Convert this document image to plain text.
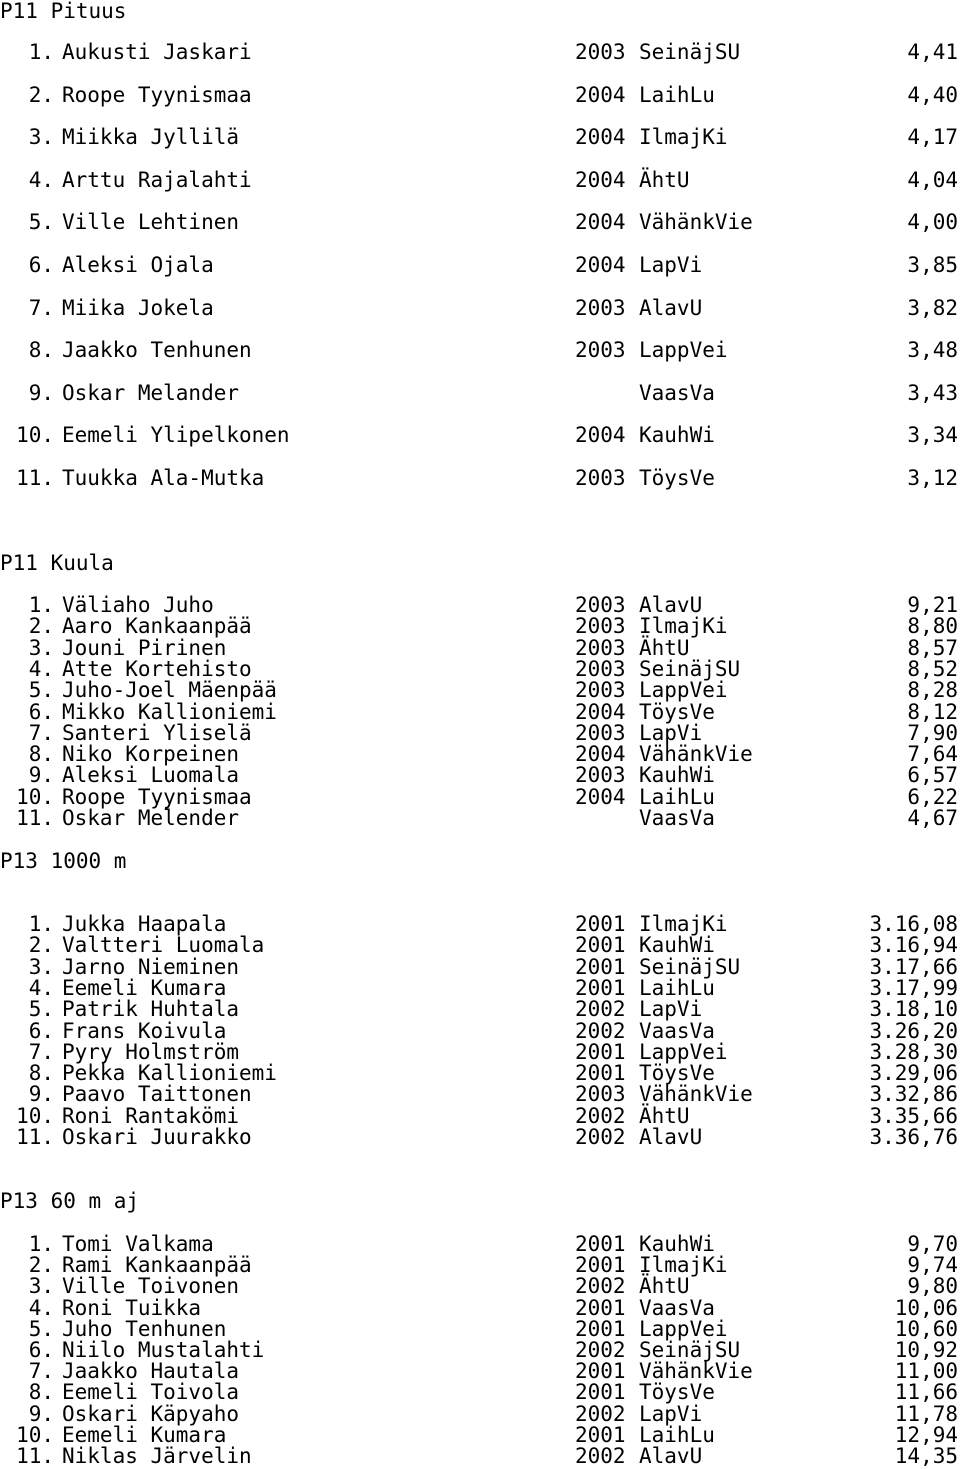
P11 Pituus
1. Aukusti Jaskari	2003 SeinäjSU	4,41
2. Roope Tyynismaa	2004 LaihLu	4,40
3. Miikka Jyllilä	2004 IlmajKi	4,17
4. Arttu Rajalahti	2004 ÄhtU	4,04
5. Ville Lehtinen	2004 VähänkVie	4,00
6. Aleksi Ojala	2004 LapVi	3,85
7. Miika Jokela	2003 AlavU	3,82
8. Jaakko Tenhunen	2003 LappVei	3,48
9. Oskar Melander	VaasVa	3,43
10. Eemeli Ylipelkonen	2004 KauhWi	3,34
11. Tuukka Ala-Mutka	2003 TöysVe	3,12
P11 Kuula
1. Väliaho Juho	2003 AlavU	9,21
2. Aaro Kankaanpää	2003 IlmajKi	8,80
3. Jouni Pirinen	2003 ÄhtU	8,57
4. Atte Kortehisto	2003 SeinäjSU	8,52
5. Juho-Joel Mäenpää	2003 LappVei	8,28
6. Mikko Kallioniemi	2004 TöysVe	8,12
7. Santeri Yliselä	2003 LapVi	7,90
8. Niko Korpeinen	2004 VähänkVie	7,64
9. Aleksi Luomala	2003 KauhWi	6,57
10. Roope Tyynismaa	2004 LaihLu	6,22
11. Oskar Melender	VaasVa	4,67
P13 1000 m
1. Jukka Haapala	2001 IlmajKi	3.16,08
2. Valtteri Luomala	2001 KauhWi	3.16,94
3. Jarno Nieminen	2001 SeinäjSU	3.17,66
4. Eemeli Kumara	2001 LaihLu	3.17,99
5. Patrik Huhtala	2002 LapVi	3.18,10
6. Frans Koivula	2002 VaasVa	3.26,20
7. Pyry Holmström	2001 LappVei	3.28,30
8. Pekka Kallioniemi	2001 TöysVe	3.29,06
9. Paavo Taittonen	2003 VähänkVie	3.32,86
10. Roni Rantakömi	2002 ÄhtU	3.35,66
11. Oskari Juurakko	2002 AlavU	3.36,76
P13 60 m aj
1. Tomi Valkama	2001 KauhWi	9,70
2. Rami Kankaanpää	2001 IlmajKi	9,74
3. Ville Toivonen	2002 ÄhtU	9,80
4. Roni Tuikka	2001 VaasVa	10,06
5. Juho Tenhunen	2001 LappVei	10,60
6. Niilo Mustalahti	2002 SeinäjSU	10,92
7. Jaakko Hautala	2001 VähänkVie	11,00
8. Eemeli Toivola	2001 TöysVe	11,66
9. Oskari Käpyaho	2002 LapVi	11,78
10. Eemeli Kumara	2001 LaihLu	12,94
11. Niklas Järvelin	2002 AlavU	14,35
